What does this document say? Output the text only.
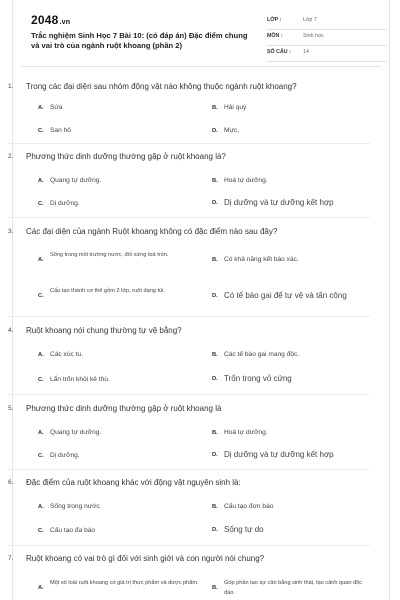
2048.vn
Trắc nghiệm Sinh Học 7 Bài 10: (có đáp án) Đặc điểm chung và vai trò của ngành ruột khoang (phần 2)
LỚP :	Lớp 7
MÔN :	Sinh học
SỐ CÂU : 14
1. Trong các đại diện sau nhóm động vật nào không thuộc ngành ruột khoang?
A. Sứa	B. Hải quỳ
C. San hô	D. Mực.
2. Phương thức dinh dưỡng thường gặp ở ruột khoang là?
A. Quang tự dưỡng.	B. Hoá tự dưỡng.
C. Dị dưỡng.	D. Dị dưỡng và tự dưỡng kết hợp
3. Các đại diện của ngành Ruột khoang không có đặc điểm nào sau đây?
A.
Sống trong môi trường nước, đối xứng toả tròn.
B. Có khả năng kết bào xác.
C.
Cấu tạo thành cơ thể gồm 2 lớp, ruột dạng túi.
D. Có tế bào gai để tự vệ và tấn công
4. Ruột khoang nói chung thường tự vệ bằng?
A. Các xúc tu.	B. Các tế bào gai mang độc.
C. Lẩn trốn khỏi kẻ thù.	D. Trốn trong vỏ cứng
5. Phương thức dinh dưỡng thường gặp ở ruột khoang là
A. Quang tự dưỡng.	B. Hoá tự dưỡng.
C. Dị dưỡng.	D. Dị dưỡng và tự dưỡng kết hợp
6. Đặc điểm của ruột khoang khác với động vật nguyên sinh là:
A. Sống trong nước	B. Cấu tạo đơn bào
C. Cấu tạo đa bào	D. Sống tự do
7. Ruột khoang có vai trò gì đối với sinh giới và con người nói chung?
A.
Một số loài ruột khoang có giá trị thực phẩm và dược phẩm.
B.
Góp phần tạo sự cân bằng sinh thái, tạo cảnh quan độc đáo.
